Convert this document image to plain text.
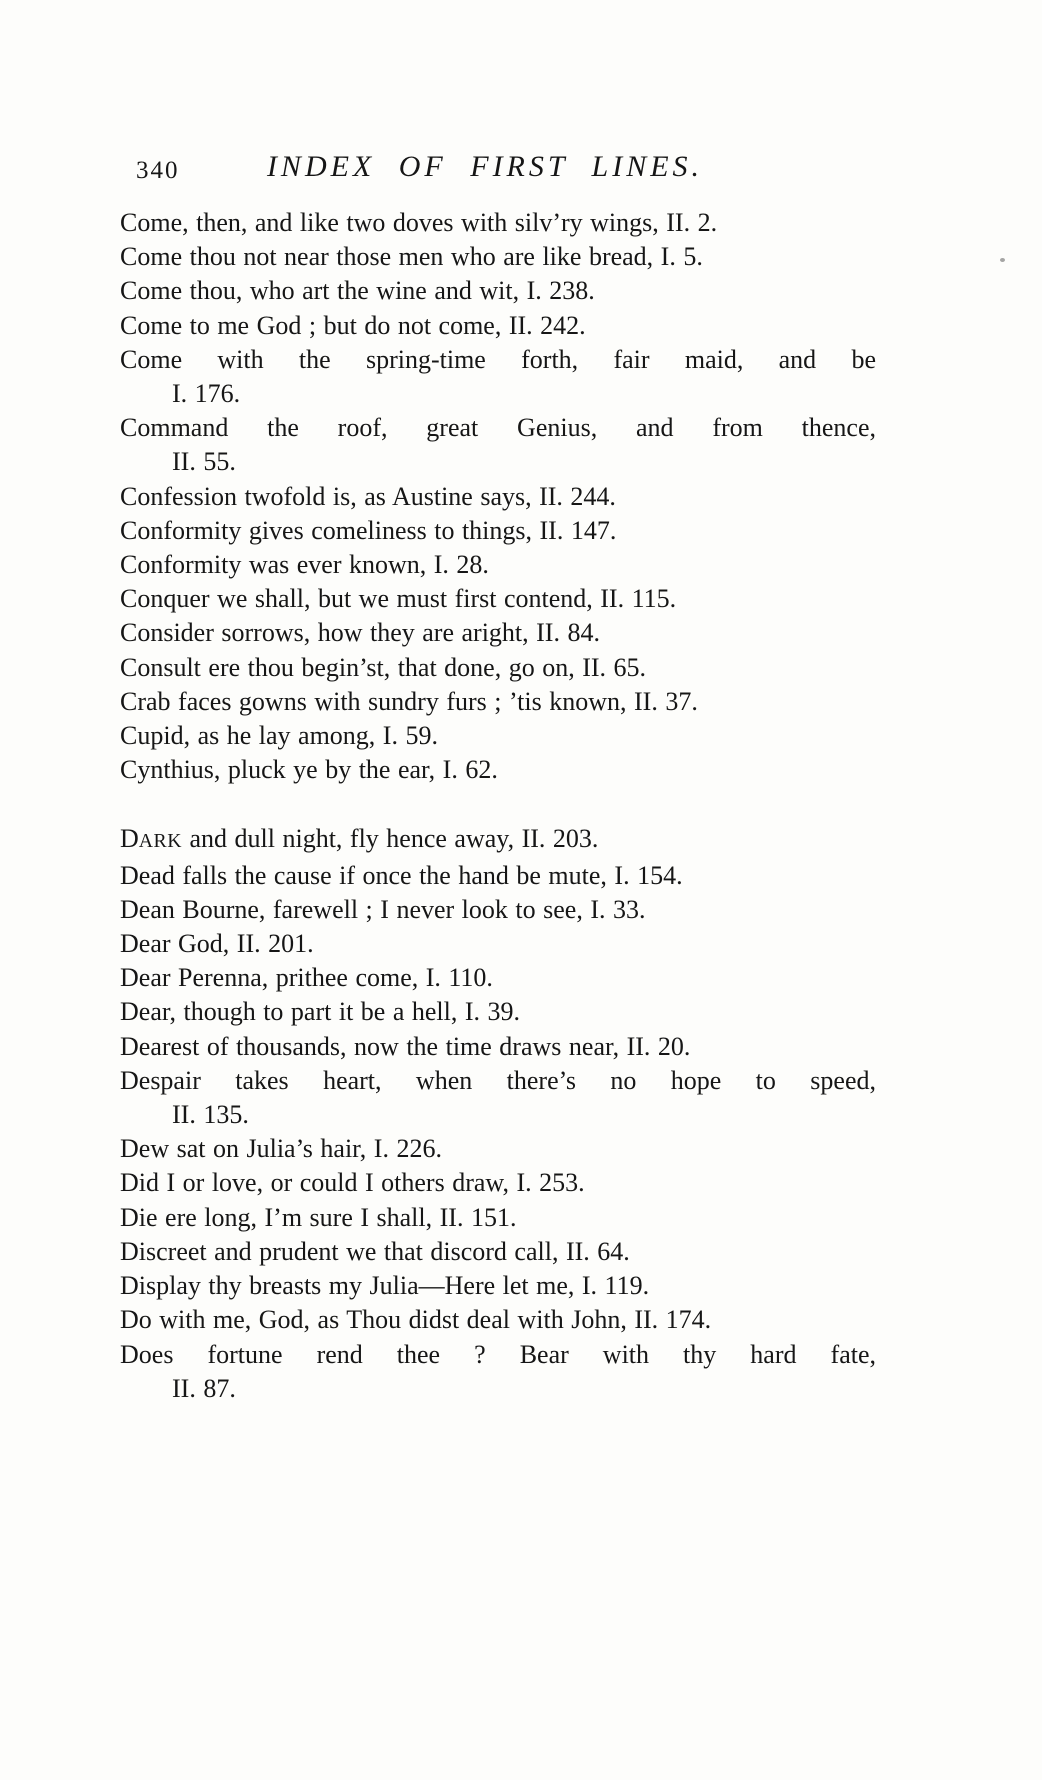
340	INDEX OF FIRST LINES.
Come, then, and like two doves with silv’ry wings, II. 2.
Come thou not near those men who are like bread, I. 5.
Come thou, who art the wine and wit, I. 238.
Come to me God ; but do not come, II. 242.
Come with the spring-time forth, fair maid, and be
I. 176.
Command the roof, great Genius, and from thence,
II. 55.
Confession twofold is, as Austine says, II. 244.
Conformity gives comeliness to things, II. 147.
Conformity was ever known, I. 28.
Conquer we shall, but we must first contend, II. 115.
Consider sorrows, how they are aright, II. 84.
Consult ere thou begin’st, that done, go on, II. 65.
Crab faces gowns with sundry furs ; ’tis known, II. 37.
Cupid, as he lay among, I. 59.
Cynthius, pluck ye by the ear, I. 62.
DARK and dull night, fly hence away, II. 203.
Dead falls the cause if once the hand be mute, I. 154.
Dean Bourne, farewell ; I never look to see, I. 33.
Dear God, II. 201.
Dear Perenna, prithee come, I. 110.
Dear, though to part it be a hell, I. 39.
Dearest of thousands, now the time draws near, II. 20.
Despair takes heart, when there’s no hope to speed,
II. 135.
Dew sat on Julia’s hair, I. 226.
Did I or love, or could I others draw, I. 253.
Die ere long, I’m sure I shall, II. 151.
Discreet and prudent we that discord call, II. 64.
Display thy breasts my Julia—Here let me, I. 119.
Do with me, God, as Thou didst deal with John, II. 174.
Does fortune rend thee ? Bear with thy hard fate,
II. 87.
